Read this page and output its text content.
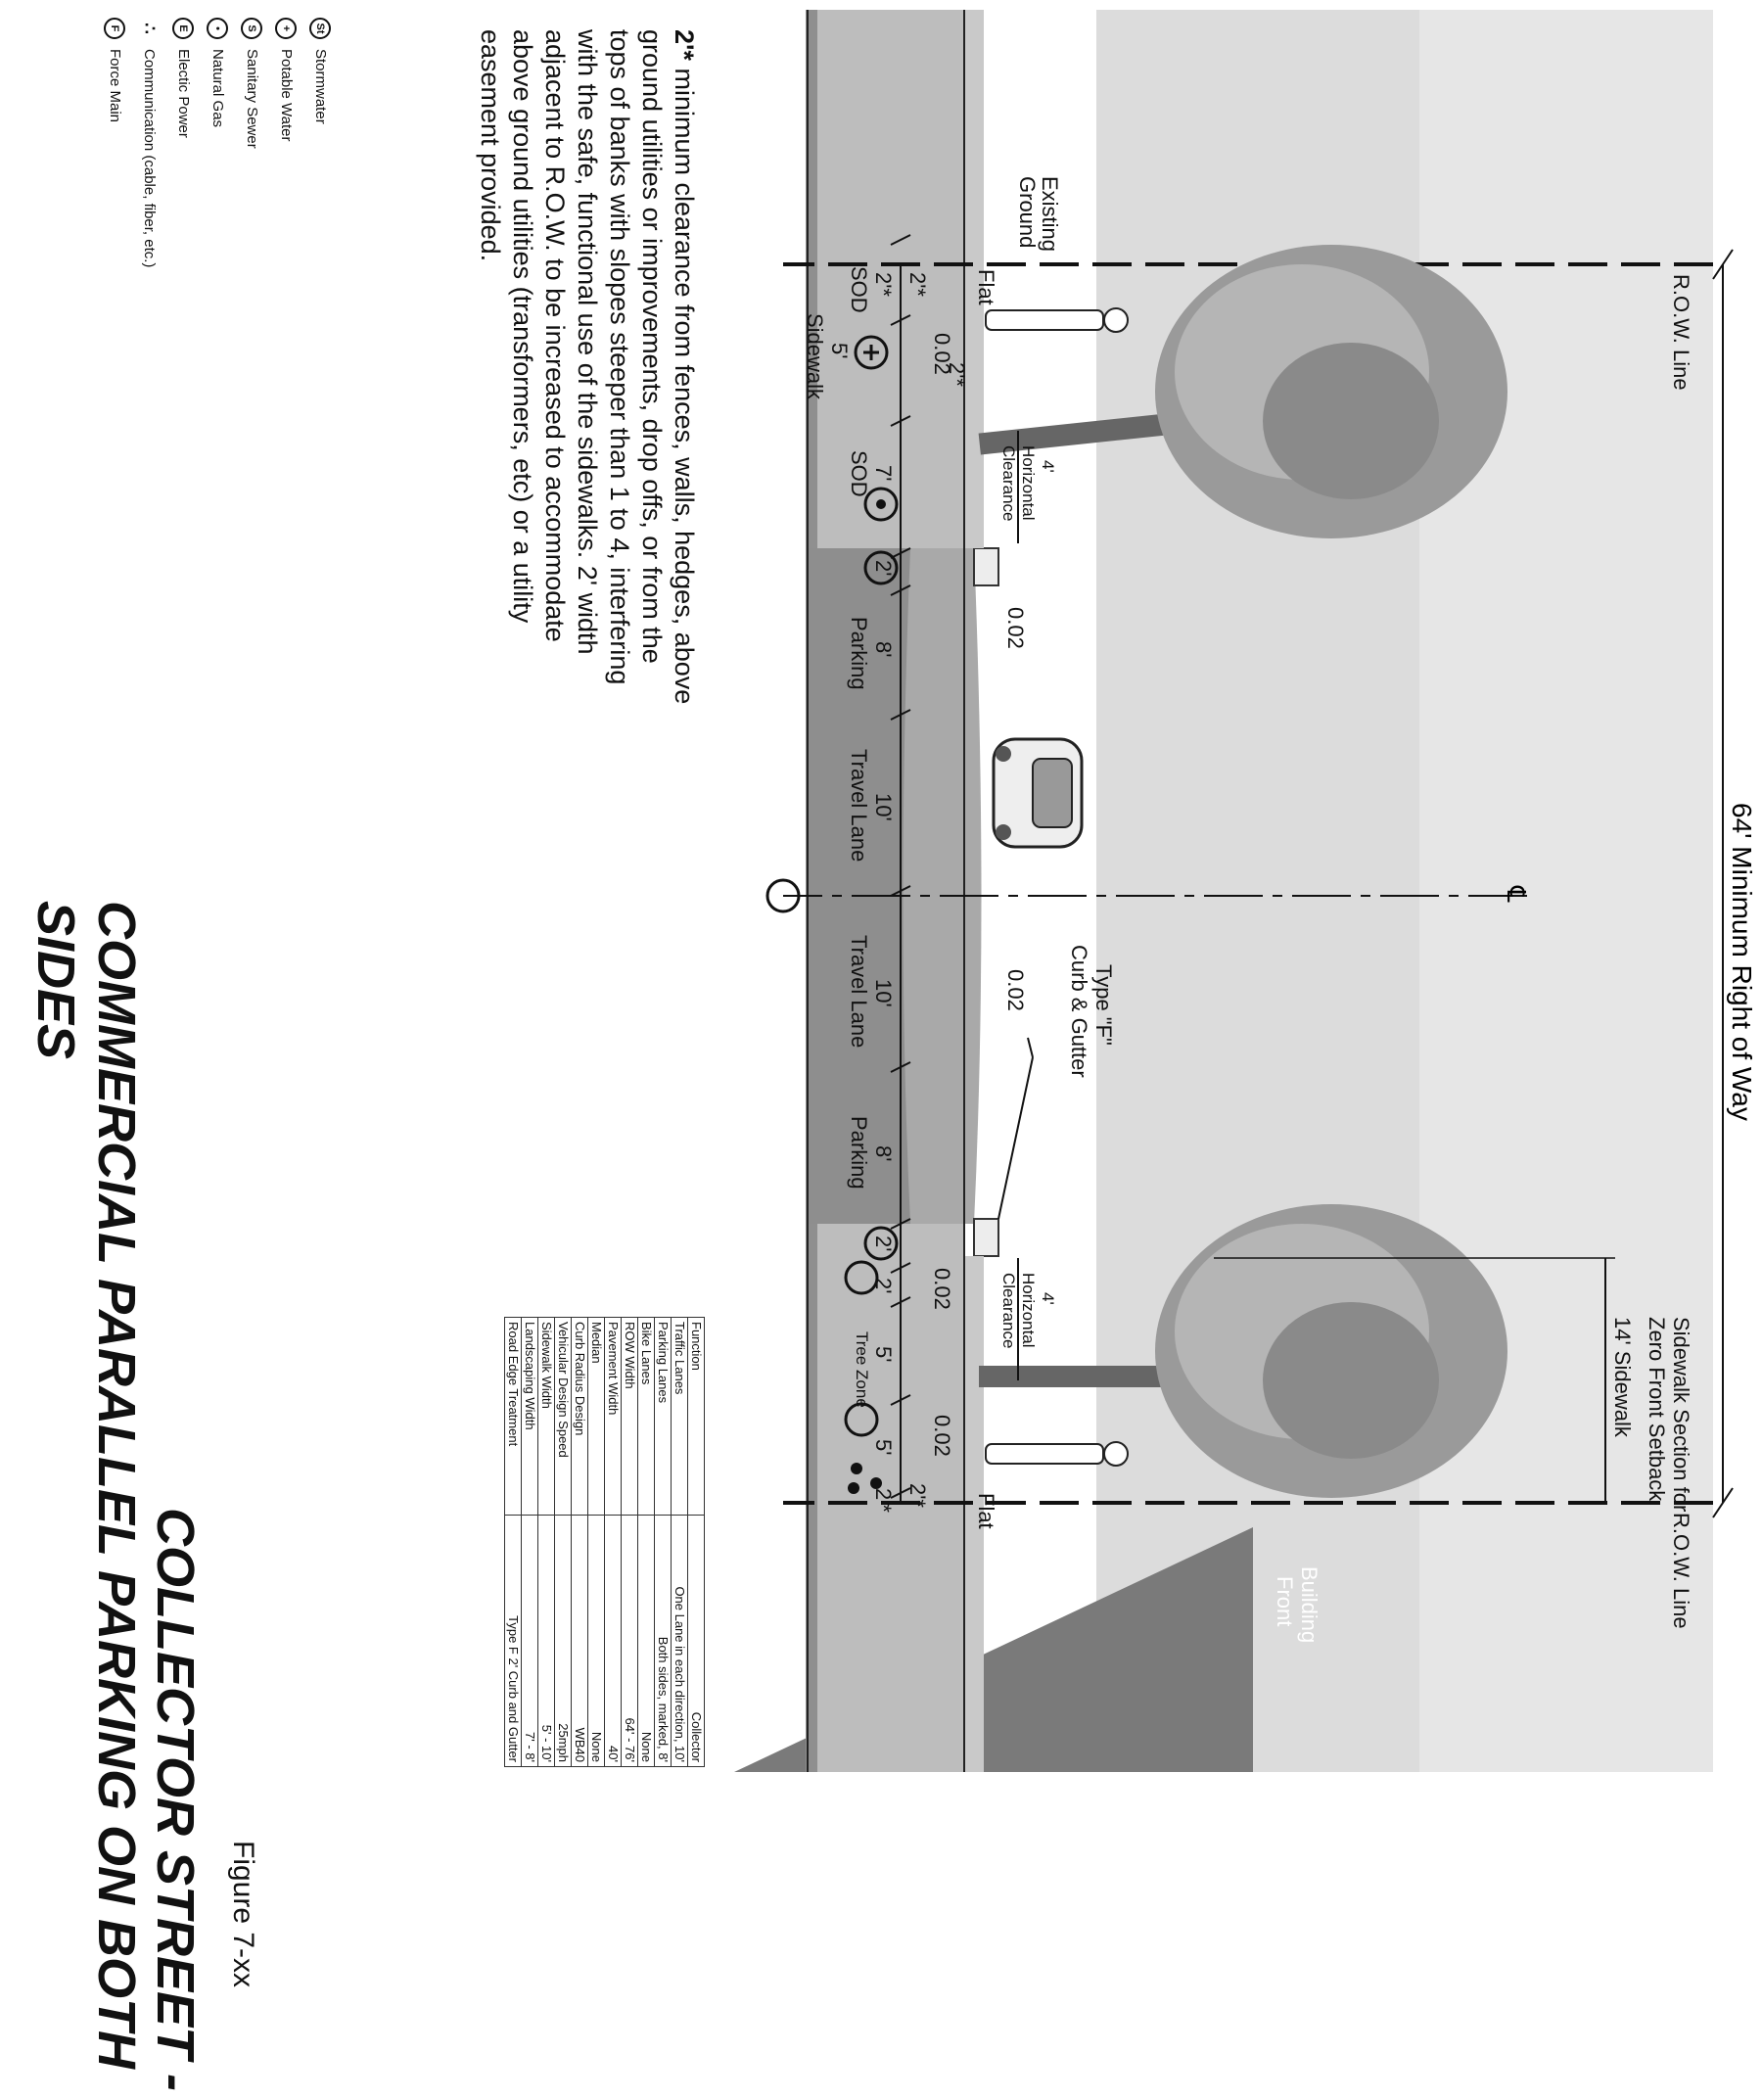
R.O.W. Line
R.O.W. Line
64' Minimum Right of Way
Existing
Ground
Sidewalk Section for
Zero Front Setback
14' Sidewalk
Building
Front
Type "F"
Curb & Gutter
4'
Horizontal
Clearance
4'
Horizontal
Clearance
℄
Flat
Flat
0.02
0.02
0.02
0.02
0.02
2'*
2'*
2'*
2'*
SOD
5'
Sidewalk
7'
SOD
2'
8'
Parking
10'
Travel Lane
10'
Travel Lane
8'
Parking
2'
2'
5'
Tree Zone
5'
2'*
2'* minimum clearance from fences, walls, hedges, above ground utilities or improvements, drop offs, or from the tops of banks with slopes steeper than 1 to 4, interfering with the safe, functional use of the sidewalks. 2' width adjacent to R.O.W. to be increased to accommodate above ground utilities (transformers, etc) or a utility easement provided.
St
Stormwater
+
Potable Water
S
Sanitary Sewer
•
Natural Gas
E
Electic Power
∴
Communication (cable, fiber, etc.)
F
Force Main
Function	Collector
Traffic Lanes	One Lane in each direction, 10'
Parking Lanes	Both sides, marked, 8'
Bike Lanes	None
ROW Width	64' - 76'
Pavement Width	40'
Median	None
Curb Radius Design	WB40
Vehicular Design Speed	25mph
Sidewalk Width	5' - 10'
Landscaping Width	7' - 8'
Road Edge Treatment	Type F 2' Curb and Gutter
Figure 7-xx
COLLECTOR STREET -
COMMERCIAL PARALLEL PARKING ON BOTH SIDES
